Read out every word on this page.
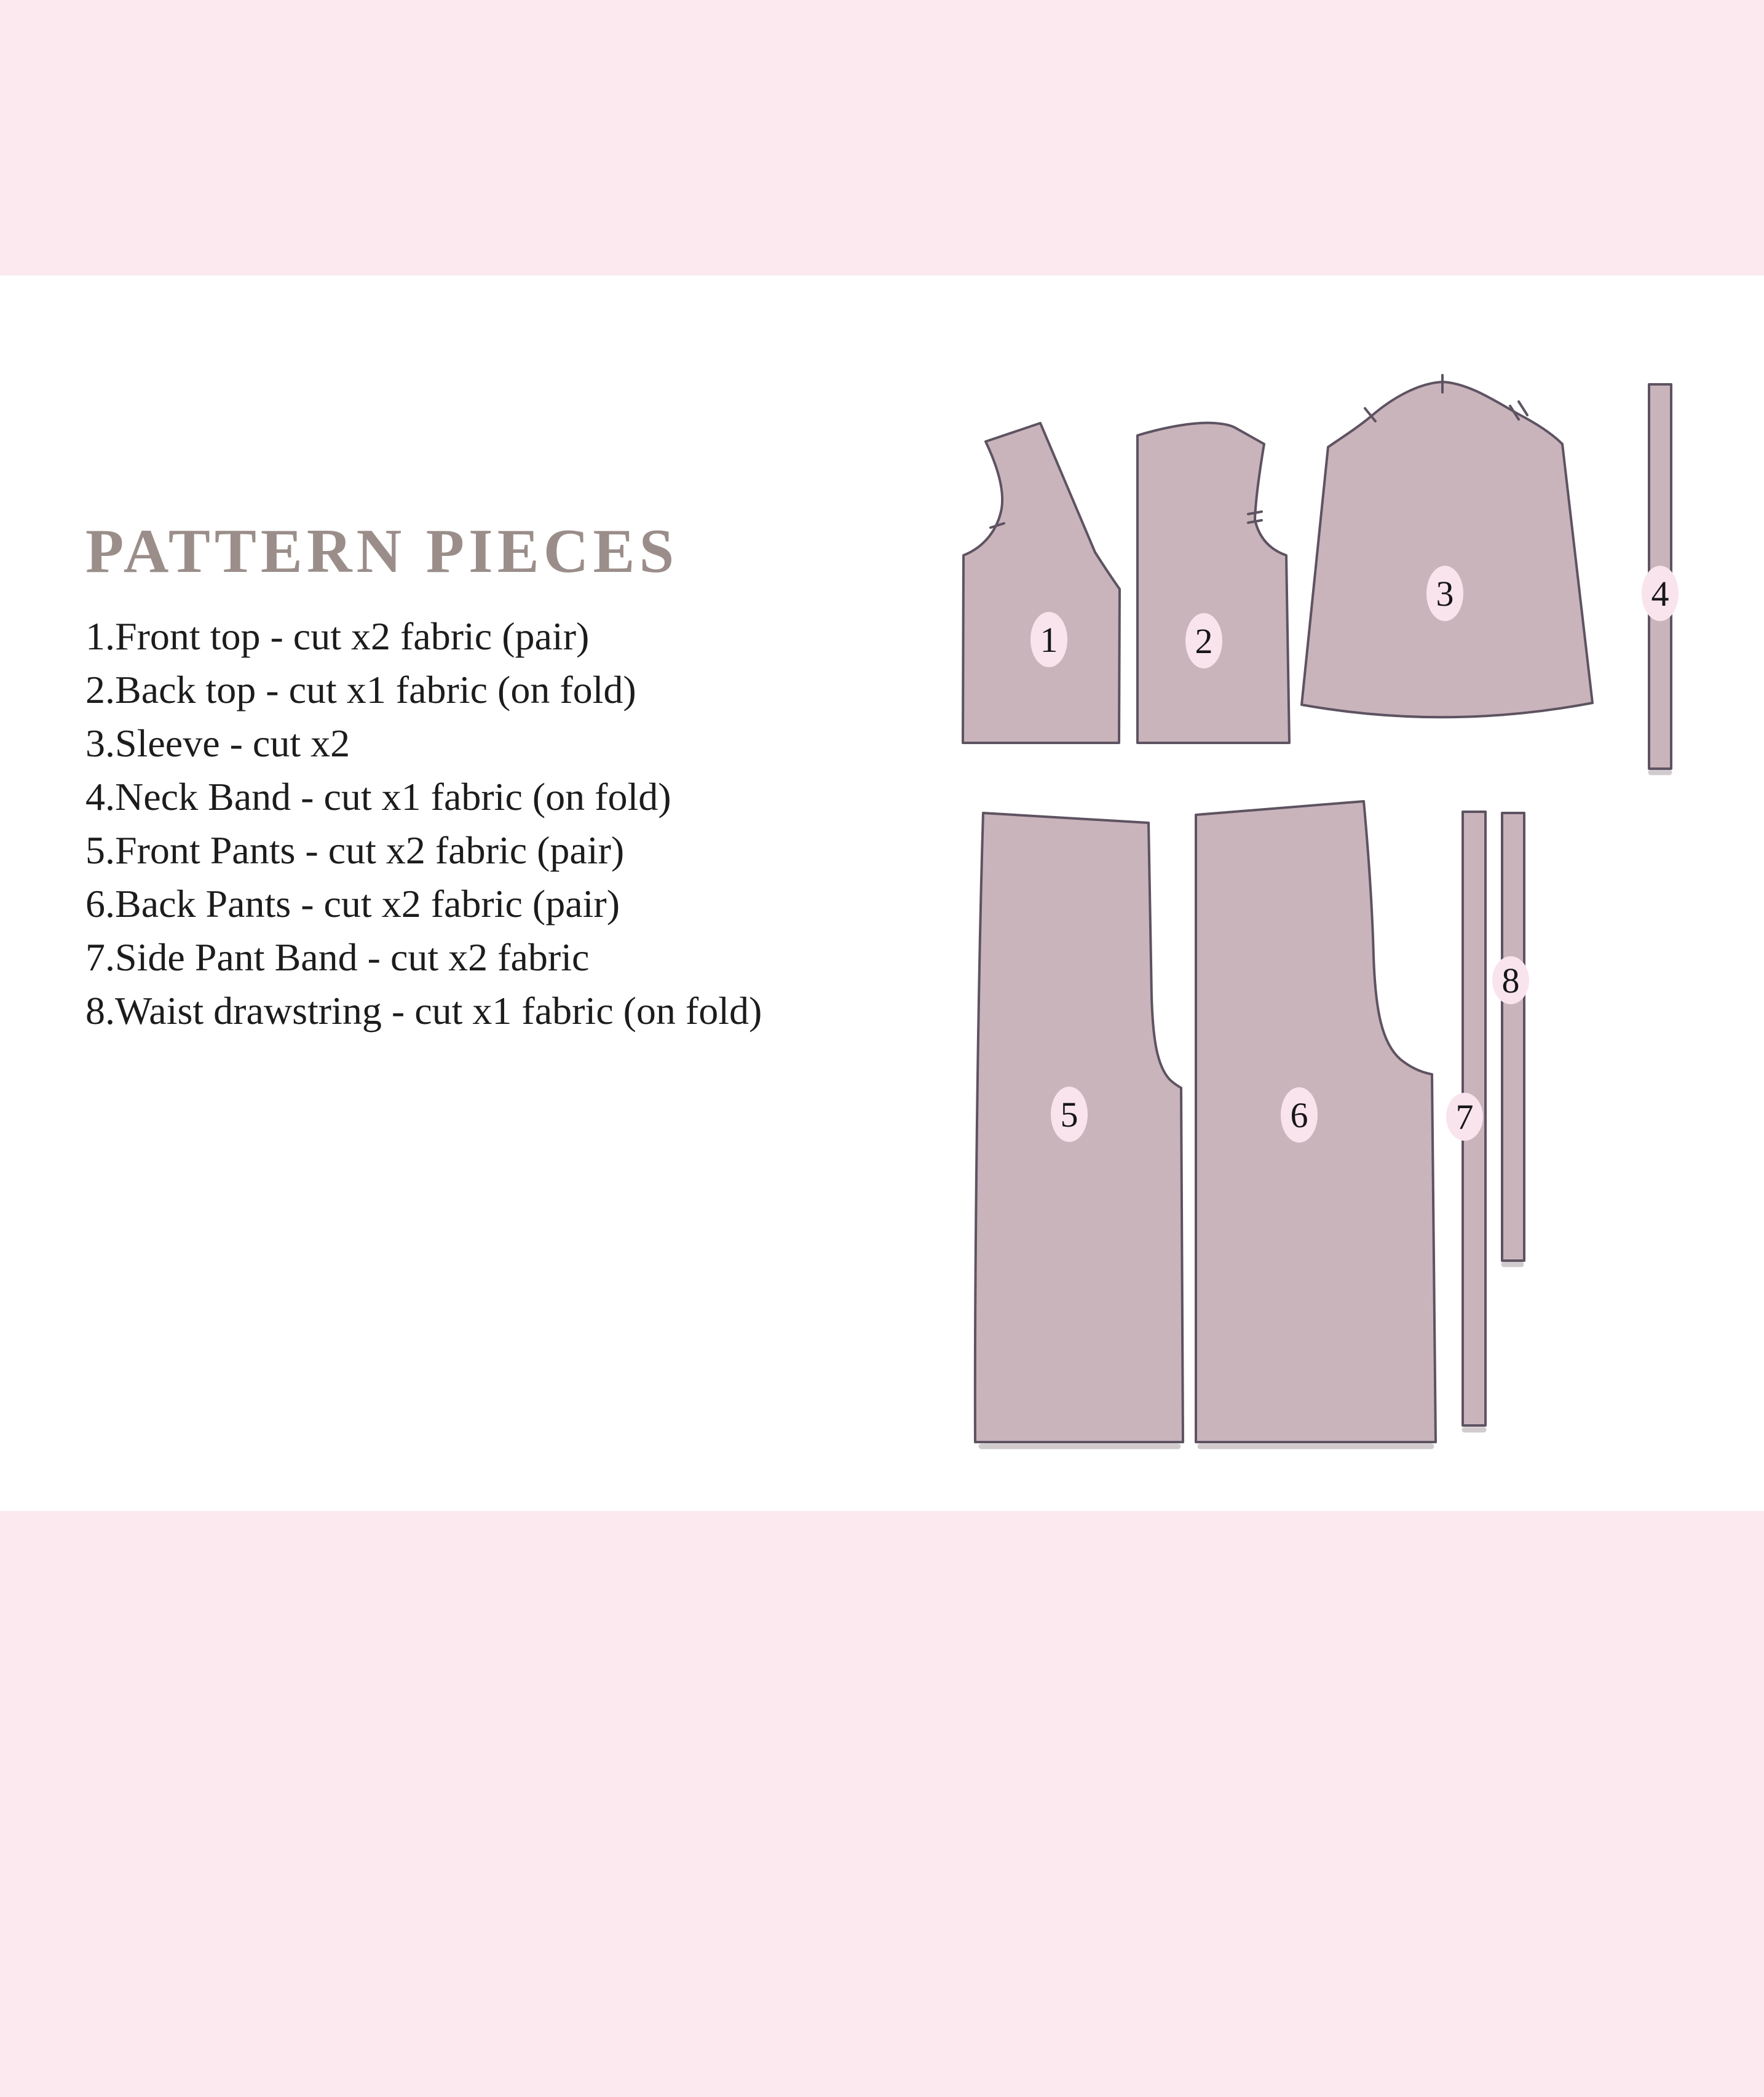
PATTERN PIECES
1.Front top - cut x2 fabric (pair)
2.Back top - cut x1 fabric (on fold)
3.Sleeve - cut x2
4.Neck Band - cut x1 fabric (on fold)
5.Front Pants - cut x2 fabric (pair)
6.Back Pants - cut x2 fabric (pair)
7.Side Pant Band - cut x2 fabric
8.Waist drawstring - cut x1 fabric (on fold)
1	2
3	4
5	6	7
8
